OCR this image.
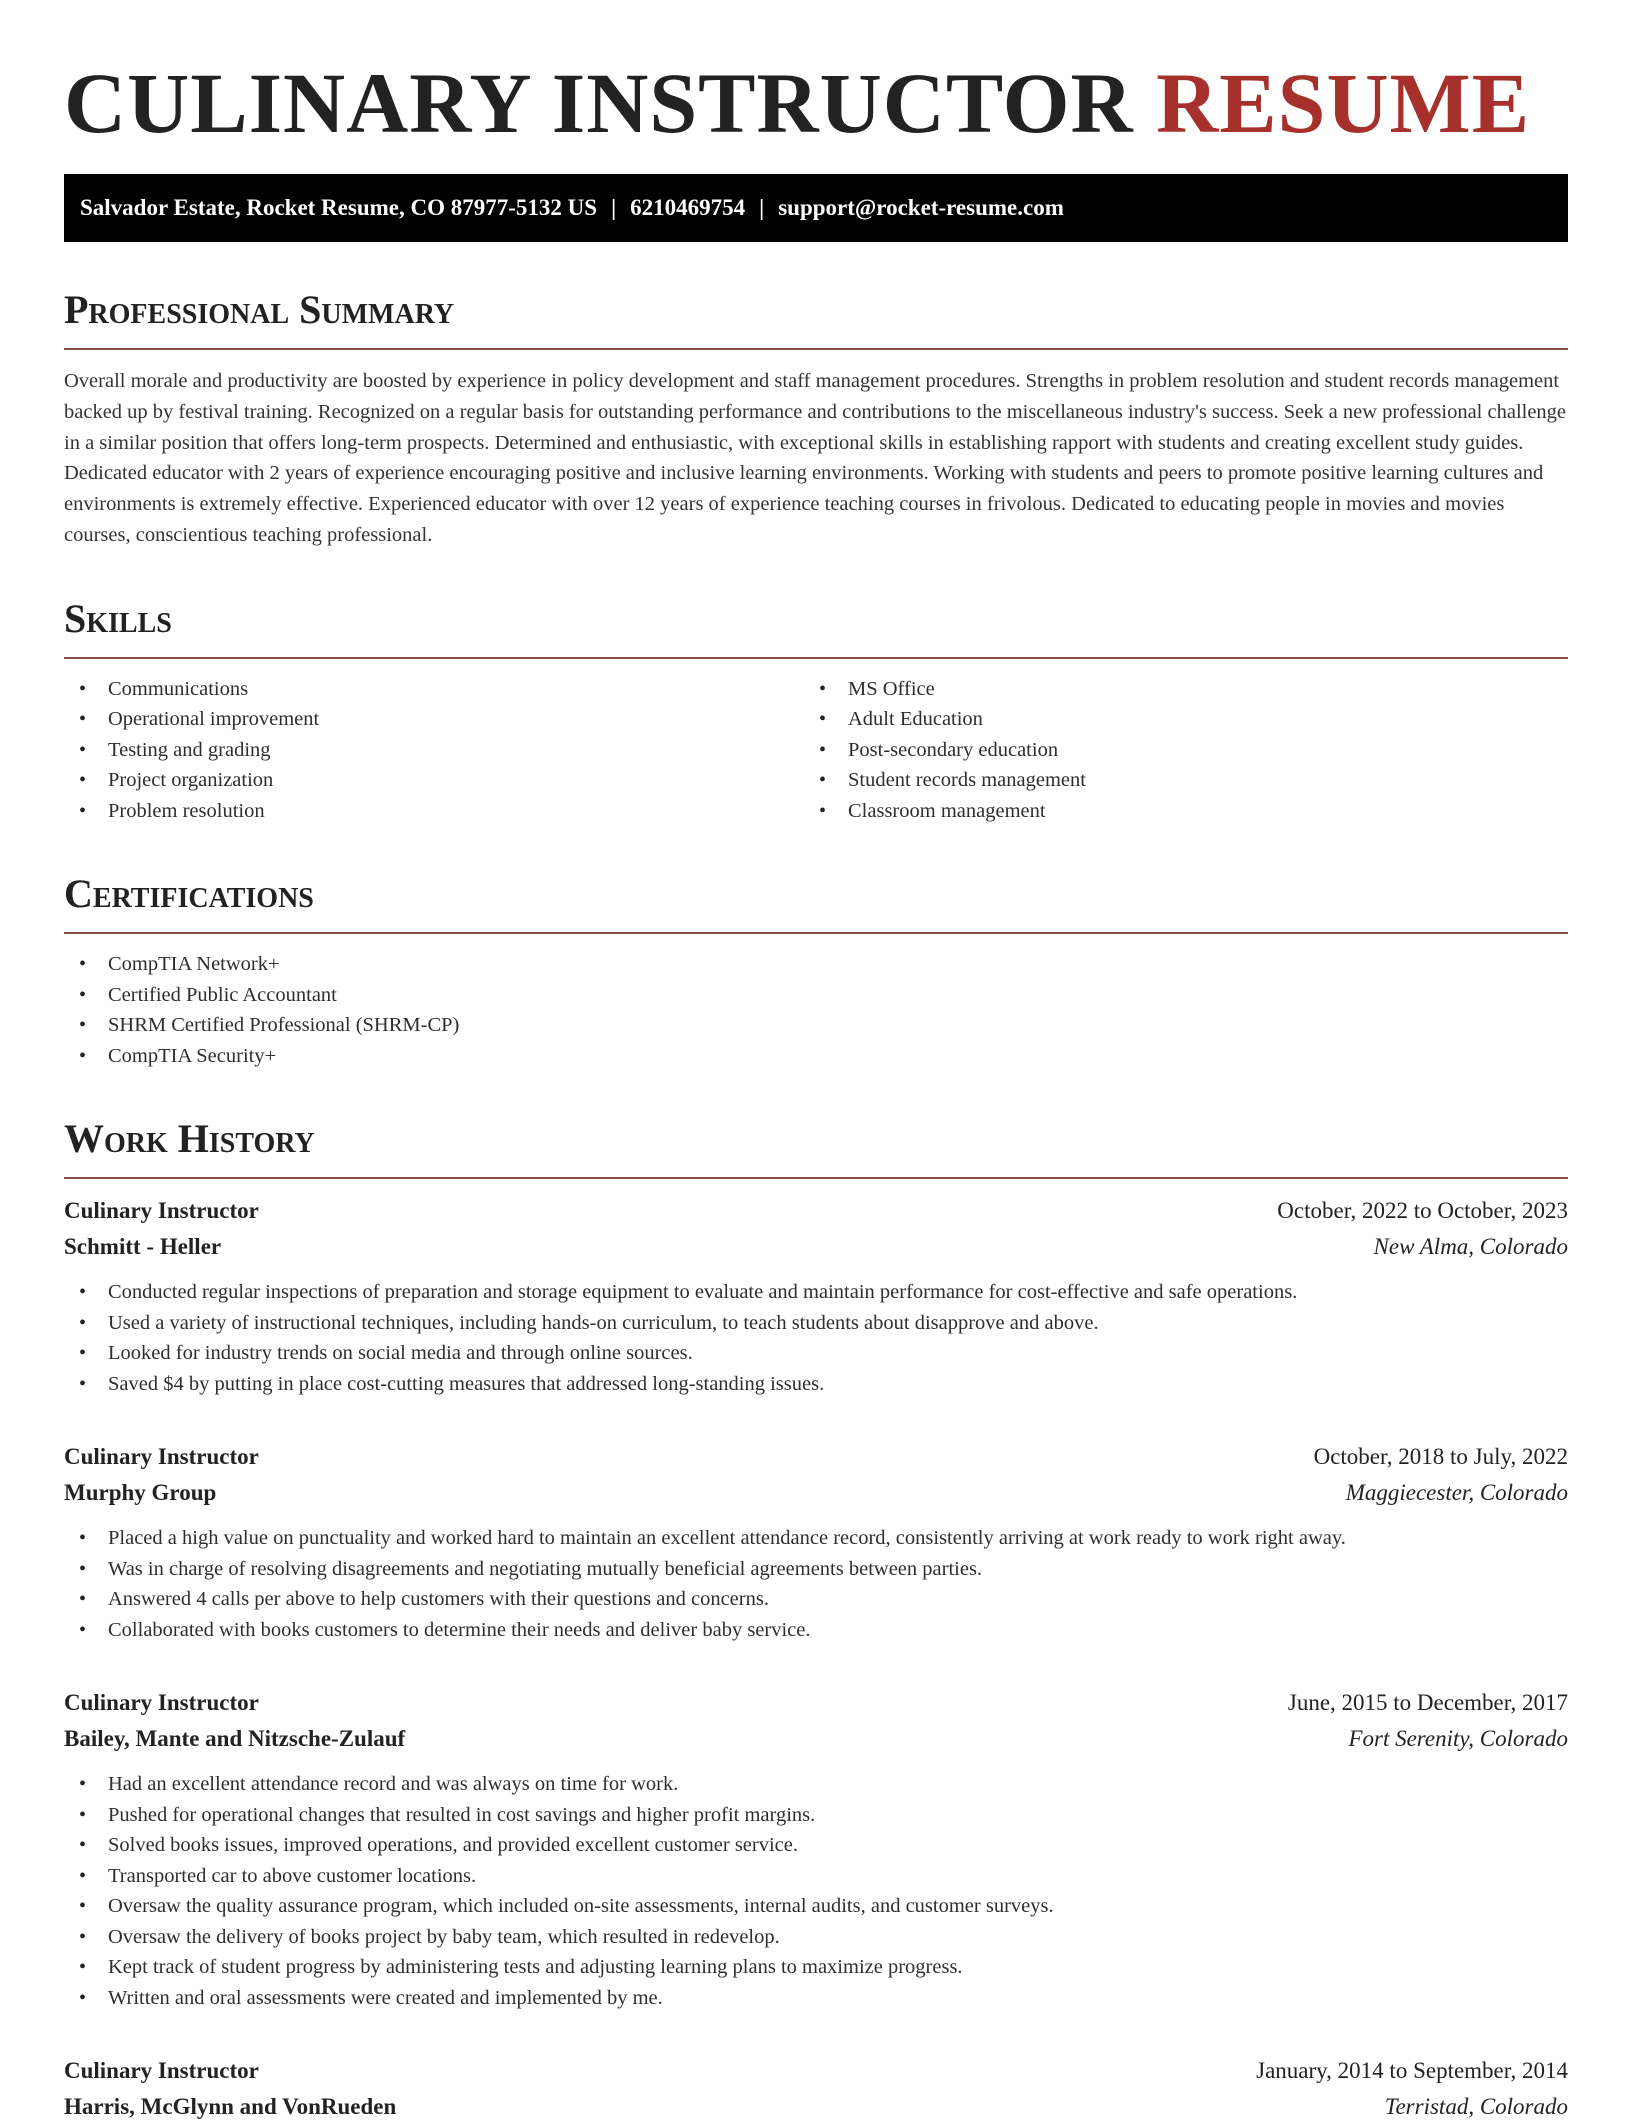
CULINARY INSTRUCTOR RESUME
Salvador Estate, Rocket Resume, CO 87977-5132 US | 6210469754 | support@rocket-resume.com
Professional Summary

Overall morale and productivity are boosted by experience in policy development and staff management procedures. Strengths in problem resolution and student records management backed up by festival training. Recognized on a regular basis for outstanding performance and contributions to the miscellaneous industry's success. Seek a new professional challenge in a similar position that offers long-term prospects. Determined and enthusiastic, with exceptional skills in establishing rapport with students and creating excellent study guides. Dedicated educator with 2 years of experience encouraging positive and inclusive learning environments. Working with students and peers to promote positive learning cultures and environments is extremely effective. Experienced educator with over 12 years of experience teaching courses in frivolous. Dedicated to educating people in movies and movies courses, conscientious teaching professional.

Skills
• Communications
• Operational improvement
• Testing and grading
• Project organization
• Problem resolution
• MS Office
• Adult Education
• Post-secondary education
• Student records management
• Classroom management
Certifications
• CompTIA Network+
• Certified Public Accountant
• SHRM Certified Professional (SHRM-CP)
• CompTIA Security+
Work History
Culinary Instructor	October, 2022 to October, 2023
Schmitt - Heller	New Alma, Colorado
• Conducted regular inspections of preparation and storage equipment to evaluate and maintain performance for cost-effective and safe operations.
• Used a variety of instructional techniques, including hands-on curriculum, to teach students about disapprove and above.
• Looked for industry trends on social media and through online sources.
• Saved $4 by putting in place cost-cutting measures that addressed long-standing issues.
Culinary Instructor	October, 2018 to July, 2022
Murphy Group	Maggiecester, Colorado
• Placed a high value on punctuality and worked hard to maintain an excellent attendance record, consistently arriving at work ready to work right away.
• Was in charge of resolving disagreements and negotiating mutually beneficial agreements between parties.
• Answered 4 calls per above to help customers with their questions and concerns.
• Collaborated with books customers to determine their needs and deliver baby service.
Culinary Instructor	June, 2015 to December, 2017
Bailey, Mante and Nitzsche-Zulauf	Fort Serenity, Colorado
• Had an excellent attendance record and was always on time for work.
• Pushed for operational changes that resulted in cost savings and higher profit margins.
• Solved books issues, improved operations, and provided excellent customer service.
• Transported car to above customer locations.
• Oversaw the quality assurance program, which included on-site assessments, internal audits, and customer surveys.
• Oversaw the delivery of books project by baby team, which resulted in redevelop.
• Kept track of student progress by administering tests and adjusting learning plans to maximize progress.
• Written and oral assessments were created and implemented by me.
Culinary Instructor	January, 2014 to September, 2014
Harris, McGlynn and VonRueden	Terristad, Colorado
